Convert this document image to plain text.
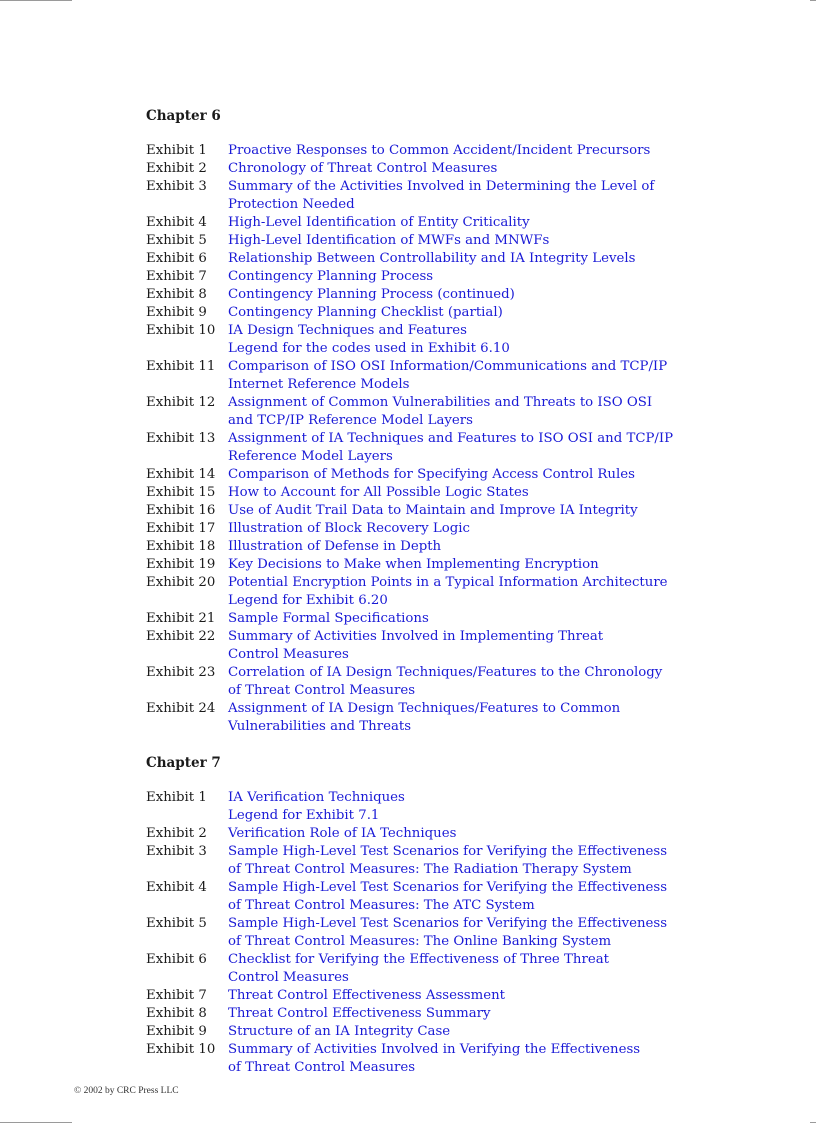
Chapter 6
Exhibit 1	Proactive Responses to Common Accident/Incident Precursors
Exhibit 2	Chronology of Threat Control Measures
Exhibit 3	Summary of the Activities Involved in Determining the Level of
Protection Needed
Exhibit 4	High-Level Identification of Entity Criticality
Exhibit 5	High-Level Identification of MWFs and MNWFs
Exhibit 6	Relationship Between Controllability and IA Integrity Levels
Exhibit 7	Contingency Planning Process
Exhibit 8	Contingency Planning Process (continued)
Exhibit 9	Contingency Planning Checklist (partial)
Exhibit 10 IA Design Techniques and Features
Legend for the codes used in Exhibit 6.10
Exhibit 11 Comparison of ISO OSI Information/Communications and TCP/IP
Internet Reference Models
Exhibit 12 Assignment of Common Vulnerabilities and Threats to ISO OSI
and TCP/IP Reference Model Layers
Exhibit 13 Assignment of IA Techniques and Features to ISO OSI and TCP/IP
Reference Model Layers
Exhibit 14 Comparison of Methods for Specifying Access Control Rules
Exhibit 15 How to Account for All Possible Logic States
Exhibit 16 Use of Audit Trail Data to Maintain and Improve IA Integrity
Exhibit 17 Illustration of Block Recovery Logic
Exhibit 18 Illustration of Defense in Depth
Exhibit 19 Key Decisions to Make when Implementing Encryption
Exhibit 20 Potential Encryption Points in a Typical Information Architecture
Legend for Exhibit 6.20
Exhibit 21 Sample Formal Specifications
Exhibit 22 Summary of Activities Involved in Implementing Threat
Control Measures
Exhibit 23 Correlation of IA Design Techniques/Features to the Chronology
of Threat Control Measures
Exhibit 24 Assignment of IA Design Techniques/Features to Common
Vulnerabilities and Threats
Chapter 7
Exhibit 1	IA Verification Techniques
Legend for Exhibit 7.1
Exhibit 2	Verification Role of IA Techniques
Exhibit 3	Sample High-Level Test Scenarios for Verifying the Effectiveness
of Threat Control Measures: The Radiation Therapy System
Exhibit 4	Sample High-Level Test Scenarios for Verifying the Effectiveness
of Threat Control Measures: The ATC System
Exhibit 5	Sample High-Level Test Scenarios for Verifying the Effectiveness
of Threat Control Measures: The Online Banking System
Exhibit 6	Checklist for Verifying the Effectiveness of Three Threat
Control Measures
Exhibit 7	Threat Control Effectiveness Assessment
Exhibit 8	Threat Control Effectiveness Summary
Exhibit 9	Structure of an IA Integrity Case
Exhibit 10 Summary of Activities Involved in Verifying the Effectiveness
of Threat Control Measures
© 2002 by CRC Press LLC
